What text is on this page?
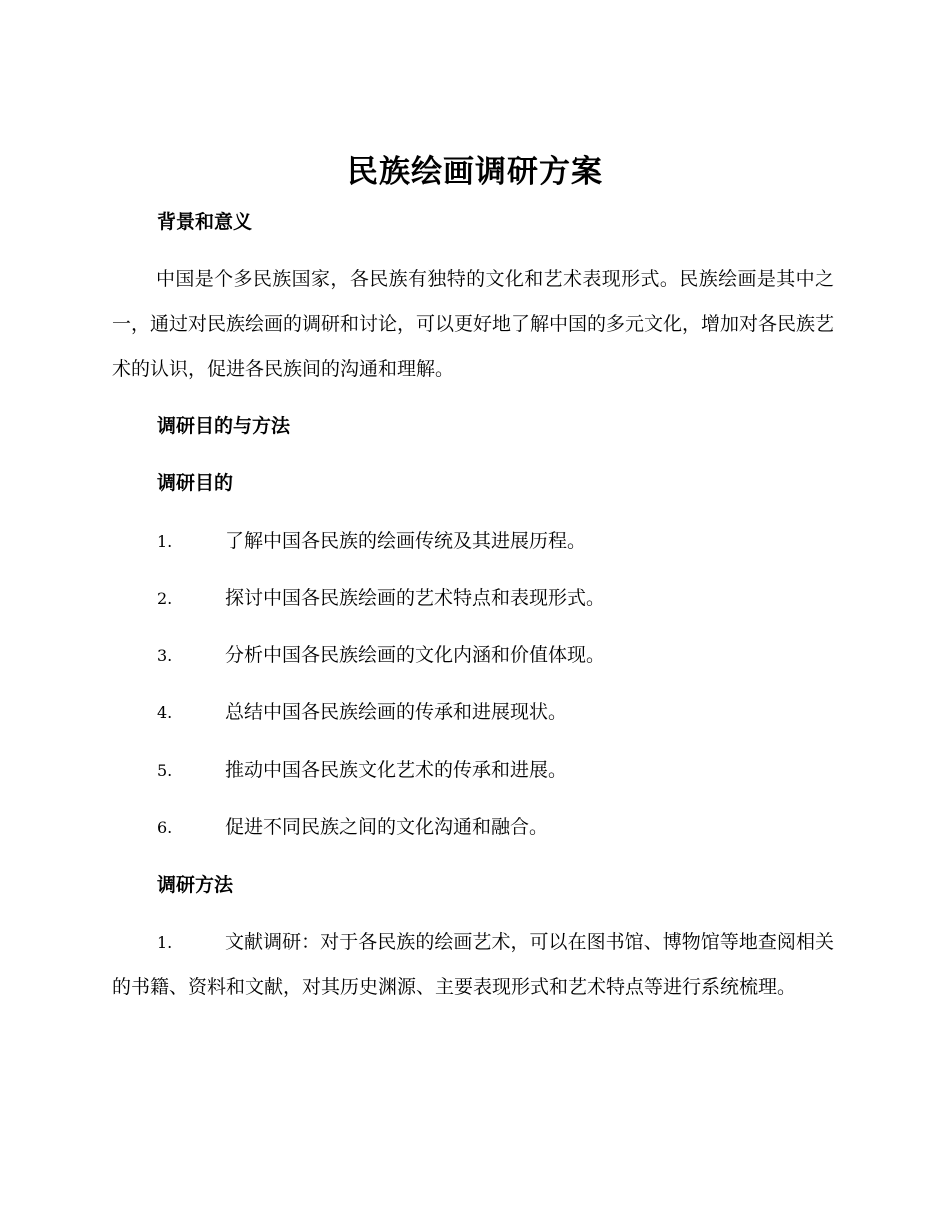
民族绘画调研方案
背景和意义
中国是个多民族国家，各民族有独特的文化和艺术表现形式。民族绘画是其中之一，通过对民族绘画的调研和讨论，可以更好地了解中国的多元文化，增加对各民族艺术的认识，促进各民族间的沟通和理解。
调研目的与方法
调研目的
1.	了解中国各民族的绘画传统及其进展历程。
2.	探讨中国各民族绘画的艺术特点和表现形式。
3.	分析中国各民族绘画的文化内涵和价值体现。
4.	总结中国各民族绘画的传承和进展现状。
5.	推动中国各民族文化艺术的传承和进展。
6.	促进不同民族之间的文化沟通和融合。
调研方法
1.	文献调研：对于各民族的绘画艺术，可以在图书馆、博物馆等地查阅相关的书籍、资料和文献，对其历史渊源、主要表现形式和艺术特点等进行系统梳理。
